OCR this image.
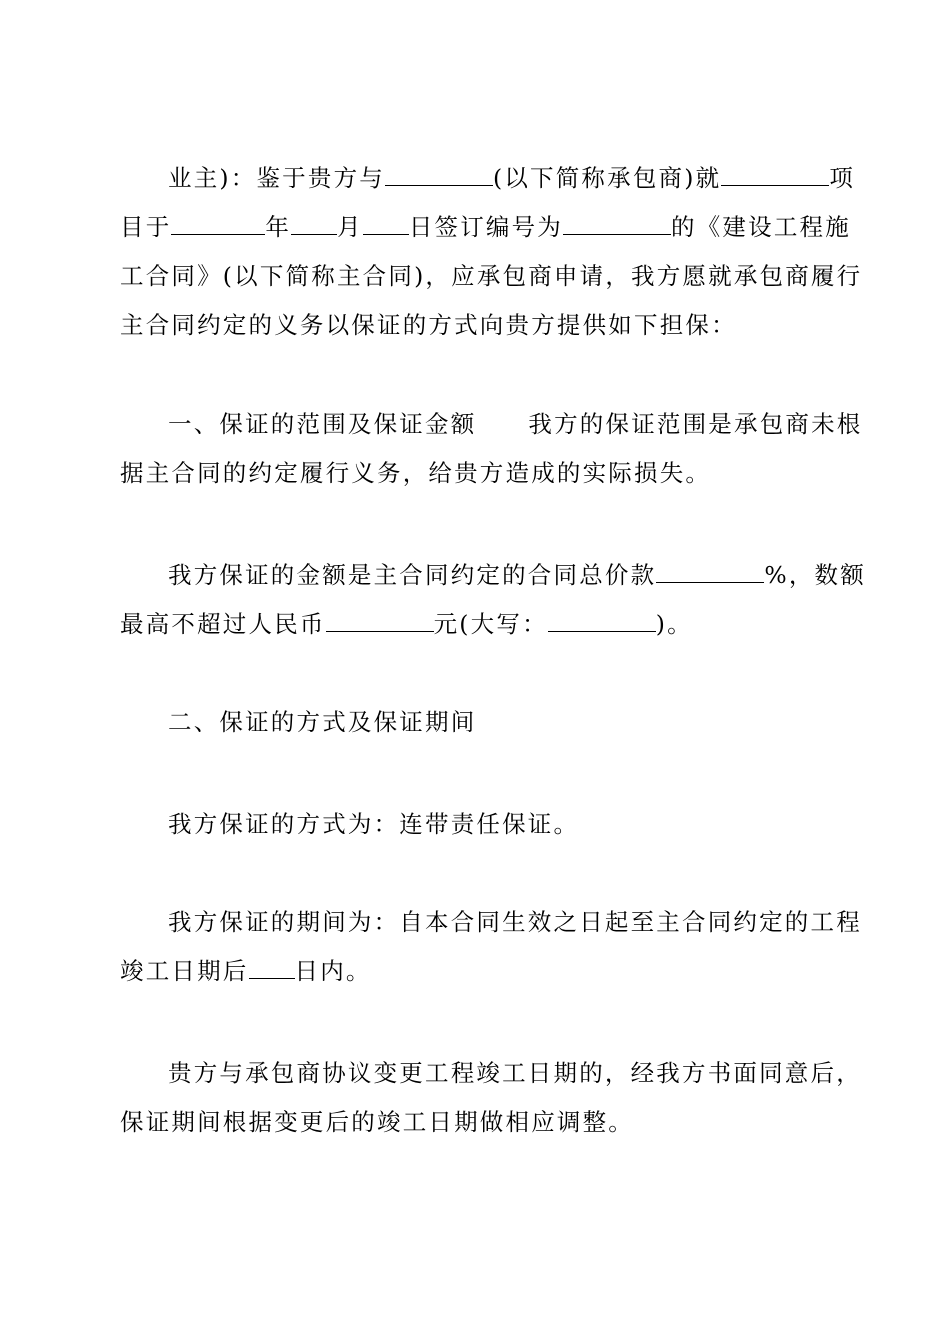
业主)：鉴于贵方与	(以下简称承包商)就	项
目于	年 月 日签订编号为	的《建设工程施
工合同》(以下简称主合同)，应承包商申请，我方愿就承包商履行
主合同约定的义务以保证的方式向贵方提供如下担保：
一、保证的范围及保证金额 我方的保证范围是承包商未根
据主合同的约定履行义务，给贵方造成的实际损失。
我方保证的金额是主合同约定的合同总价款	%，数额
最高不超过人民币	元(大写：	)。
二、保证的方式及保证期间
我方保证的方式为：连带责任保证。
我方保证的期间为：自本合同生效之日起至主合同约定的工程
竣工日期后 日内。
贵方与承包商协议变更工程竣工日期的，经我方书面同意后，
保证期间根据变更后的竣工日期做相应调整。
